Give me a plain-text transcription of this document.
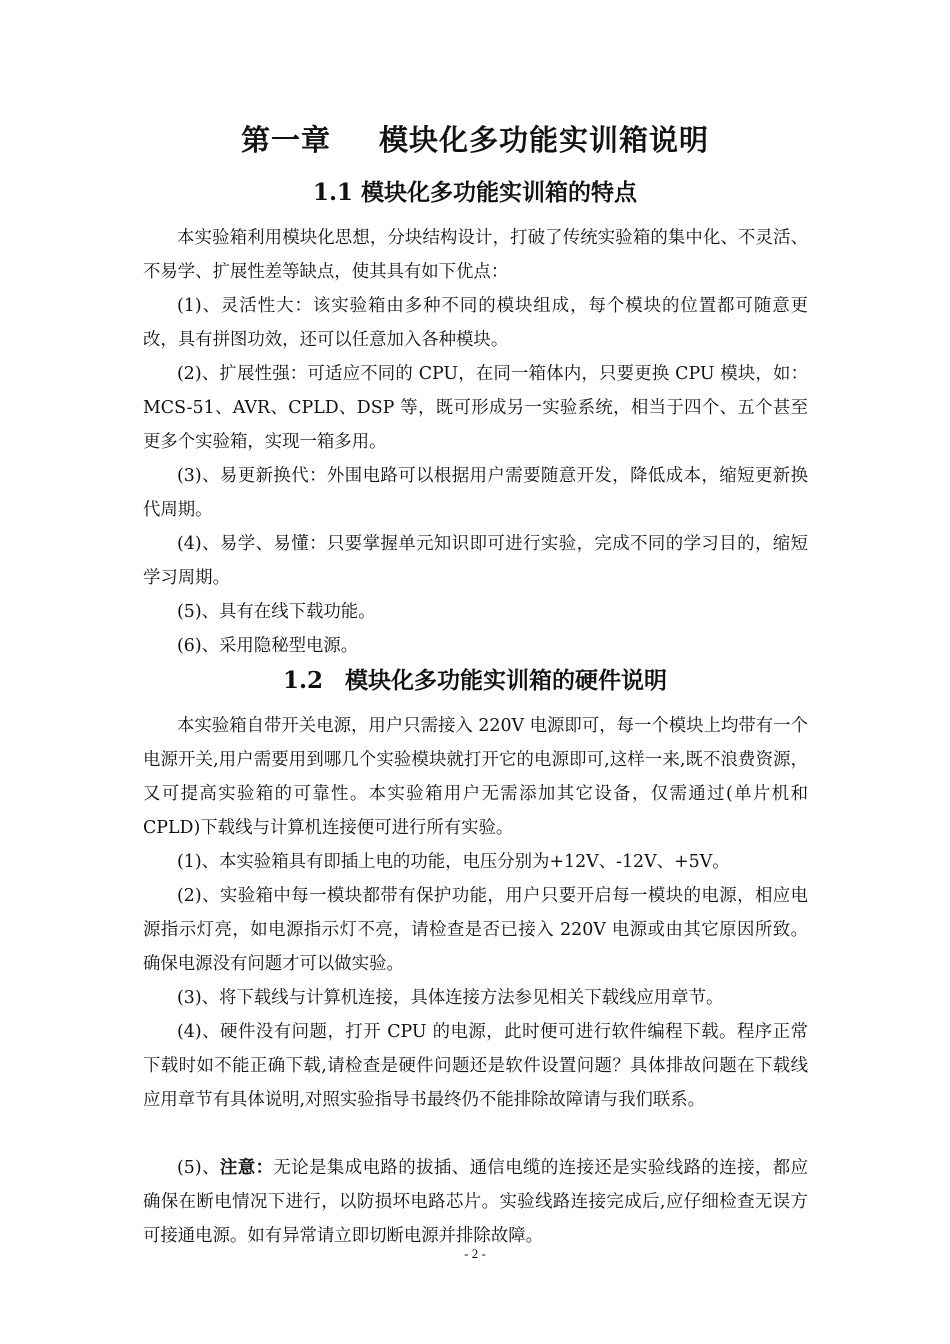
第一章 模块化多功能实训箱说明
1.1 模块化多功能实训箱的特点

本实验箱利用模块化思想，分块结构设计，打破了传统实验箱的集中化、不灵活、不易学、扩展性差等缺点，使其具有如下优点：

(1)、灵活性大：该实验箱由多种不同的模块组成，每个模块的位置都可随意更改，具有拼图功效，还可以任意加入各种模块。

(2)、扩展性强：可适应不同的 CPU，在同一箱体内，只要更换 CPU 模块，如：MCS-51、AVR、CPLD、DSP 等，既可形成另一实验系统，相当于四个、五个甚至更多个实验箱，实现一箱多用。

(3)、易更新换代：外围电路可以根据用户需要随意开发，降低成本，缩短更新换代周期。

(4)、易学、易懂：只要掌握单元知识即可进行实验，完成不同的学习目的，缩短学习周期。

(5)、具有在线下载功能。

(6)、采用隐秘型电源。

1.2 模块化多功能实训箱的硬件说明

本实验箱自带开关电源，用户只需接入 220V 电源即可，每一个模块上均带有一个电源开关,用户需要用到哪几个实验模块就打开它的电源即可,这样一来,既不浪费资源，又可提高实验箱的可靠性。本实验箱用户无需添加其它设备，仅需通过(单片机和CPLD)下载线与计算机连接便可进行所有实验。

(1)、本实验箱具有即插上电的功能，电压分别为+12V、-12V、+5V。

(2)、实验箱中每一模块都带有保护功能，用户只要开启每一模块的电源，相应电源指示灯亮，如电源指示灯不亮，请检查是否已接入 220V 电源或由其它原因所致。确保电源没有问题才可以做实验。

(3)、将下载线与计算机连接，具体连接方法参见相关下载线应用章节。

(4)、硬件没有问题，打开 CPU 的电源，此时便可进行软件编程下载。程序正常下载时如不能正确下载,请检查是硬件问题还是软件设置问题？具体排故问题在下载线应用章节有具体说明,对照实验指导书最终仍不能排除故障请与我们联系。

(5)、注意：无论是集成电路的拔插、通信电缆的连接还是实验线路的连接，都应确保在断电情况下进行，以防损坏电路芯片。实验线路连接完成后,应仔细检查无误方可接通电源。如有异常请立即切断电源并排除故障。

- 2 -
